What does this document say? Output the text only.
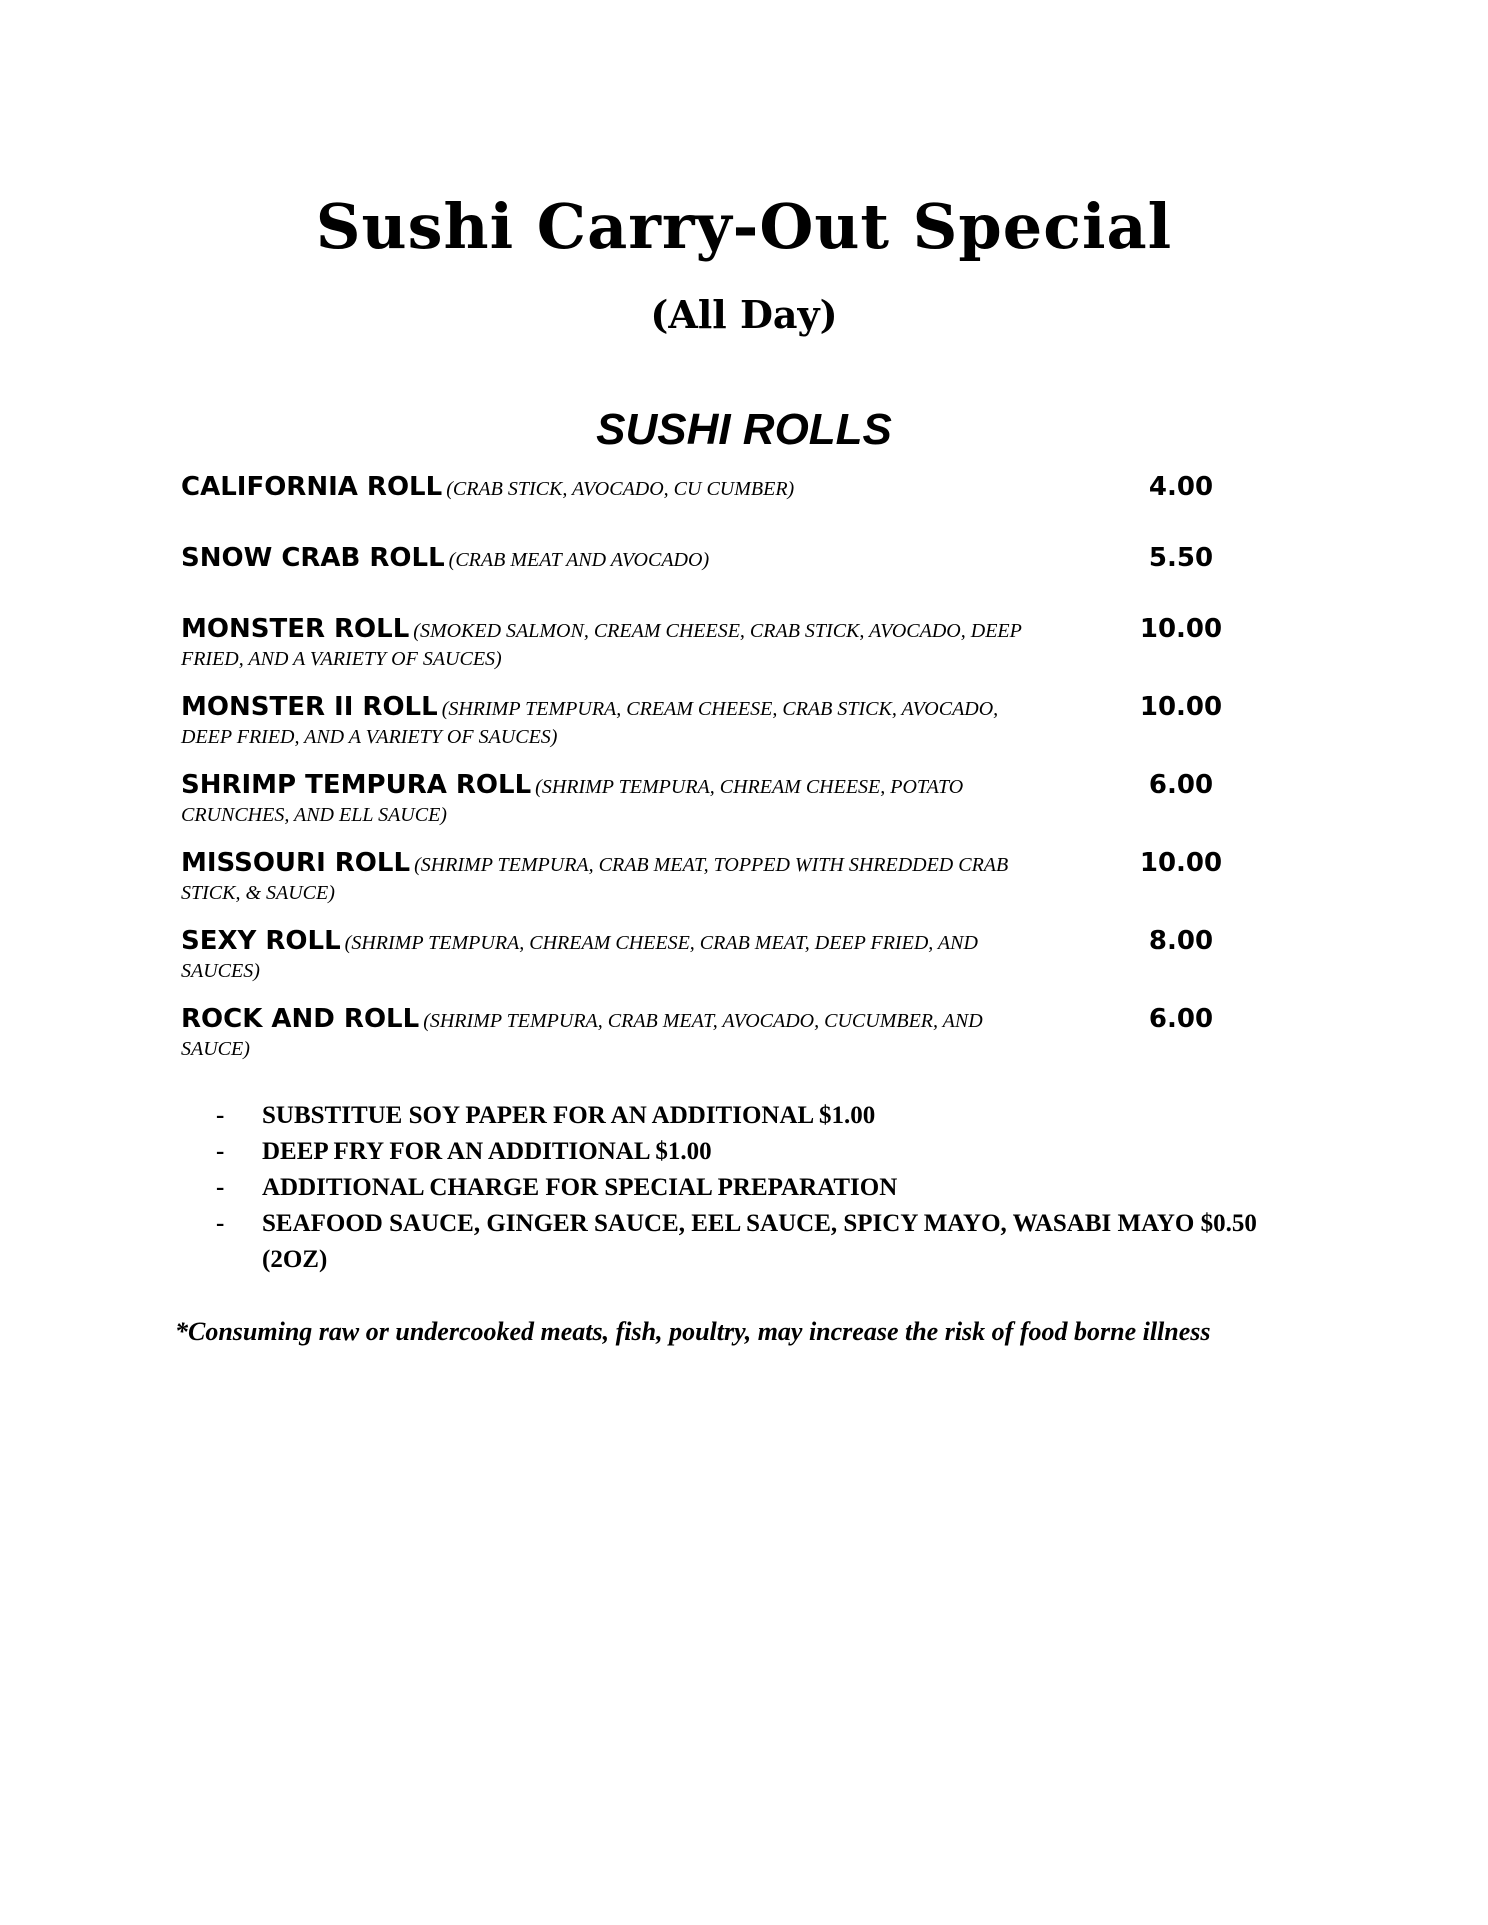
Sushi Carry-Out Special
(All Day)
SUSHI ROLLS
CALIFORNIA ROLL (CRAB STICK, AVOCADO, CU CUMBER)	4.00
SNOW CRAB ROLL (CRAB MEAT AND AVOCADO)	5.50
MONSTER ROLL (SMOKED SALMON, CREAM CHEESE, CRAB STICK, AVOCADO, DEEP FRIED, AND A VARIETY OF SAUCES)
10.00
MONSTER II ROLL (SHRIMP TEMPURA, CREAM CHEESE, CRAB STICK, AVOCADO, DEEP FRIED, AND A VARIETY OF SAUCES)
10.00
SHRIMP TEMPURA ROLL (SHRIMP TEMPURA, CHREAM CHEESE, POTATO CRUNCHES, AND ELL SAUCE)
6.00
MISSOURI ROLL (SHRIMP TEMPURA, CRAB MEAT, TOPPED WITH SHREDDED CRAB STICK, & SAUCE)
10.00
SEXY ROLL (SHRIMP TEMPURA, CHREAM CHEESE, CRAB MEAT, DEEP FRIED, AND SAUCES)
8.00
ROCK AND ROLL (SHRIMP TEMPURA, CRAB MEAT, AVOCADO, CUCUMBER, AND SAUCE)
6.00
- SUBSTITUE SOY PAPER FOR AN ADDITIONAL $1.00
- DEEP FRY FOR AN ADDITIONAL $1.00
- ADDITIONAL CHARGE FOR SPECIAL PREPARATION
- SEAFOOD SAUCE, GINGER SAUCE, EEL SAUCE, SPICY MAYO, WASABI MAYO $0.50 (2OZ)
*Consuming raw or undercooked meats, fish, poultry, may increase the risk of food borne illness
